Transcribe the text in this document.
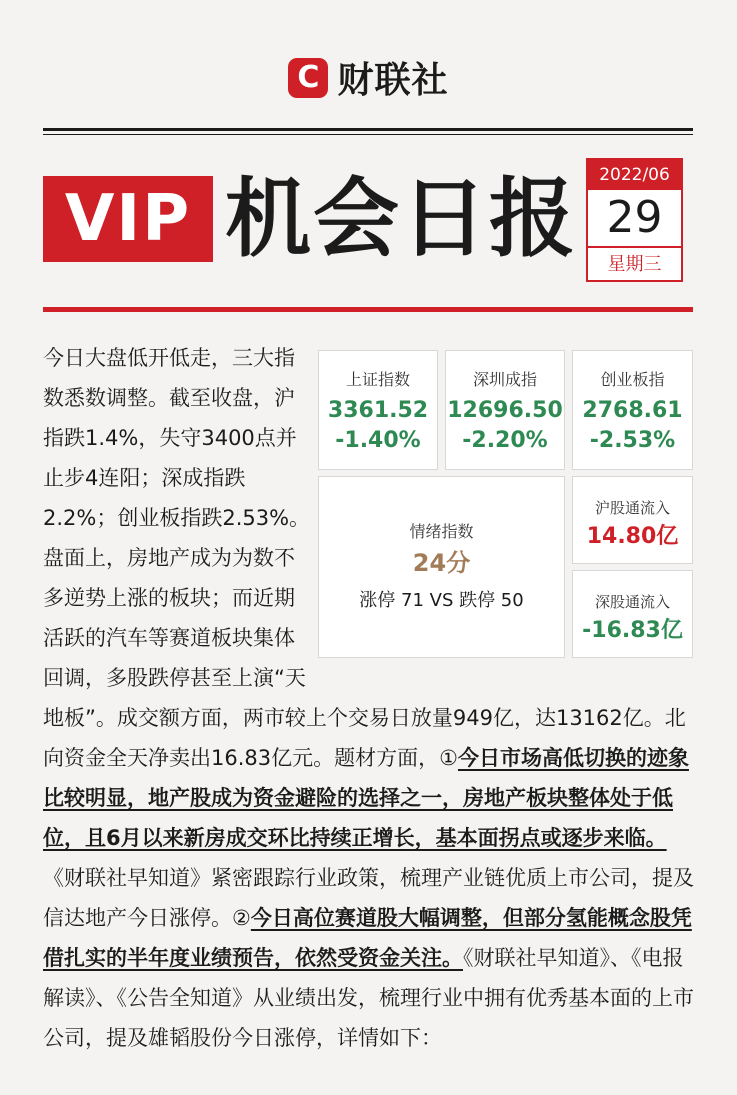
C 财联社
VIP 机会日报	2022/06
29
星期三
上证指数
3361.52
-1.40%
深圳成指
12696.50
-2.20%
创业板指
2768.61
-2.53%
情绪指数
24分
涨停 71 VS 跌停 50
沪股通流入
14.80亿
深股通流入
-16.83亿
今日大盘低开低走，三大指数悉数调整。截至收盘，沪指跌1.4%，失守3400点并止步4连阳；深成指跌2.2%；创业板指跌2.53%。盘面上，房地产成为为数不多逆势上涨的板块；而近期活跃的汽车等赛道板块集体回调，多股跌停甚至上演“天地板”。成交额方面，两市较上个交易日放量949亿，达13162亿。北向资金全天净卖出16.83亿元。题材方面，①今日市场高低切换的迹象比较明显，地产股成为资金避险的选择之一，房地产板块整体处于低位，且6月以来新房成交环比持续正增长，基本面拐点或逐步来临。《财联社早知道》紧密跟踪行业政策，梳理产业链优质上市公司，提及信达地产今日涨停。②今日高位赛道股大幅调整，但部分氢能概念股凭借扎实的半年度业绩预告，依然受资金关注。《财联社早知道》、《电报解读》、《公告全知道》从业绩出发，梳理行业中拥有优秀基本面的上市公司，提及雄韬股份今日涨停，详情如下：
